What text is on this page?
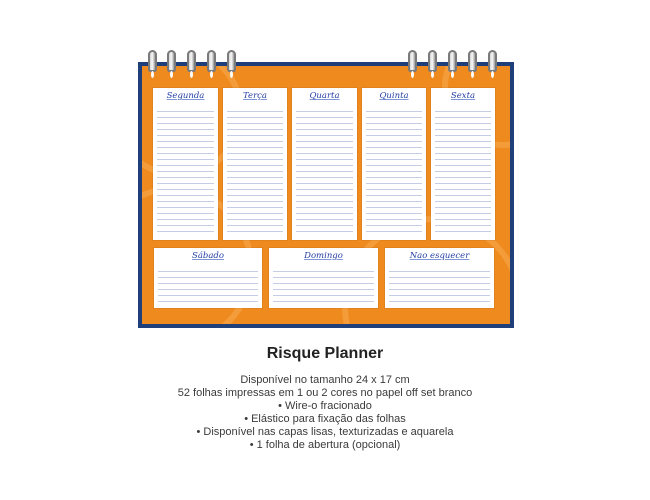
Segunda	Terça	Quarta	Quinta	Sexta
Sábado	Domingo	Nao esquecer

Risque Planner

Disponível no tamanho 24 x 17 cm

52 folhas impressas em 1 ou 2 cores no papel off set branco

• Wire-o fracionado

• Elástico para fixação das folhas

• Disponível nas capas lisas, texturizadas e aquarela

• 1 folha de abertura (opcional)
